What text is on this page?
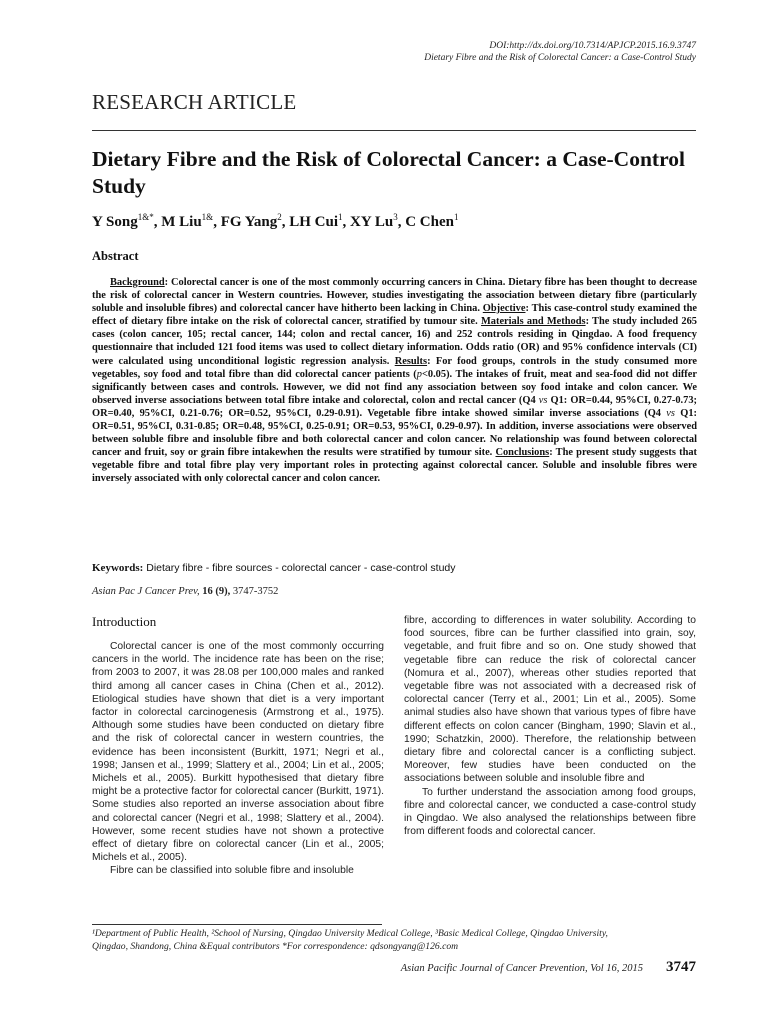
DOI:http://dx.doi.org/10.7314/APJCP.2015.16.9.3747
Dietary Fibre and the Risk of Colorectal Cancer: a Case-Control Study
RESEARCH ARTICLE
Dietary Fibre and the Risk of Colorectal Cancer: a Case-Control Study
Y Song$^{1\&*}$, M Liu$^{1\&}$, FG Yang$^2$, LH Cui$^1$, XY Lu$^3$, C Chen$^1$
Abstract

Background: Colorectal cancer is one of the most commonly occurring cancers in China. Dietary fibre has been thought to decrease the risk of colorectal cancer in Western countries. However, studies investigating the association between dietary fibre (particularly soluble and insoluble fibres) and colorectal cancer have hitherto been lacking in China. Objective: This case-control study examined the effect of dietary fibre intake on the risk of colorectal cancer, stratified by tumour site. Materials and Methods: The study included 265 cases (colon cancer, 105; rectal cancer, 144; colon and rectal cancer, 16) and 252 controls residing in Qingdao. A food frequency questionnaire that included 121 food items was used to collect dietary information. Odds ratio (OR) and 95% confidence intervals (CI) were calculated using unconditional logistic regression analysis. Results: For food groups, controls in the study consumed more vegetables, soy food and total fibre than did colorectal cancer patients (p<0.05). The intakes of fruit, meat and sea-food did not differ significantly between cases and controls. However, we did not find any association between soy food intake and colon cancer. We observed inverse associations between total fibre intake and colorectal, colon and rectal cancer (Q4 vs Q1: OR=0.44, 95%CI, 0.27-0.73; OR=0.40, 95%CI, 0.21-0.76; OR=0.52, 95%CI, 0.29-0.91). Vegetable fibre intake showed similar inverse associations (Q4 vs Q1: OR=0.51, 95%CI, 0.31-0.85; OR=0.48, 95%CI, 0.25-0.91; OR=0.53, 95%CI, 0.29-0.97). In addition, inverse associations were observed between soluble fibre and insoluble fibre and both colorectal cancer and colon cancer. No relationship was found between colorectal cancer and fruit, soy or grain fibre intakewhen the results were stratified by tumour site. Conclusions: The present study suggests that vegetable fibre and total fibre play very important roles in protecting against colorectal cancer. Soluble and insoluble fibres were inversely associated with only colorectal cancer and colon cancer.

Keywords: Dietary fibre - fibre sources - colorectal cancer - case-control study
Asian Pac J Cancer Prev, 16 (9), 3747-3752
Introduction

Colorectal cancer is one of the most commonly occurring cancers in the world. The incidence rate has been on the rise; from 2003 to 2007, it was 28.08 per 100,000 males and ranked third among all cancer cases in China (Chen et al., 2012). Etiological studies have shown that diet is a very important factor in colorectal carcinogenesis (Armstrong et al., 1975). Although some studies have been conducted on dietary fibre and the risk of colorectal cancer in western countries, the evidence has been inconsistent (Burkitt, 1971; Negri et al., 1998; Jansen et al., 1999; Slattery et al., 2004; Lin et al., 2005; Michels et al., 2005). Burkitt hypothesised that dietary fibre might be a protective factor for colorectal cancer (Burkitt, 1971). Some studies also reported an inverse association about fibre and colorectal cancer (Negri et al., 1998; Slattery et al., 2004). However, some recent studies have not shown a protective effect of dietary fibre on colorectal cancer (Lin et al., 2005; Michels et al., 2005).

Fibre can be classified into soluble fibre and insoluble

fibre, according to differences in water solubility. According to food sources, fibre can be further classified into grain, soy, vegetable, and fruit fibre and so on. One study showed that vegetable fibre can reduce the risk of colorectal cancer (Nomura et al., 2007), whereas other studies reported that vegetable fibre was not associated with a decreased risk of colorectal cancer (Terry et al., 2001; Lin et al., 2005). Some animal studies also have shown that various types of fibre have different effects on colon cancer (Bingham, 1990; Slavin et al., 1990; Schatzkin, 2000). Therefore, the relationship between dietary fibre and colorectal cancer is a conflicting subject. Moreover, few studies have been conducted on the associations between soluble and insoluble fibre and

To further understand the association among food groups, fibre and colorectal cancer, we conducted a case-control study in Qingdao. We also analysed the relationships between fibre from different foods and colorectal cancer.

¹Department of Public Health, ²School of Nursing, Qingdao University Medical College, ³Basic Medical College, Qingdao University,
Qingdao, Shandong, China &Equal contributors *For correspondence: qdsongyang@126.com
Asian Pacific Journal of Cancer Prevention, Vol 16, 2015 3747
